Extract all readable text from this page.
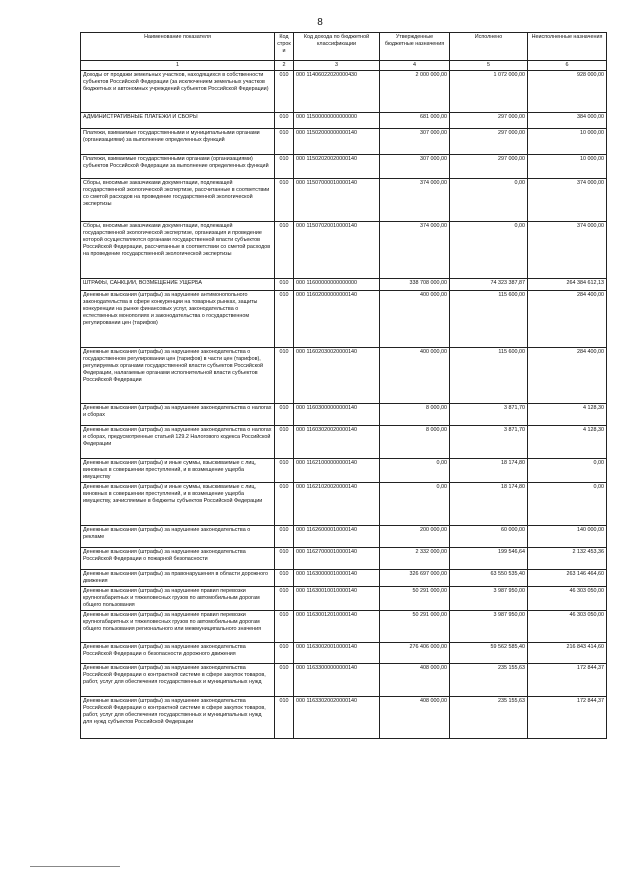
8
Наименование показателя	Код строк и	Код дохода по бюджетной классификации	Утвержденные бюджетные назначения	Исполнено	Неисполненные назначения
1	2	3	4	5	6
Доходы от продажи земельных участков, находящихся в собственности субъектов Российской Федерации (за исключением земельных участков бюджетных и автономных учреждений субъектов Российской Федерации)	010	000 11406022020000430	2 000 000,00	1 072 000,00	928 000,00
АДМИНИСТРАТИВНЫЕ ПЛАТЕЖИ И СБОРЫ	010	000 11500000000000000	681 000,00	297 000,00	384 000,00
Платежи, взимаемые государственными и муниципальными органами (организациями) за выполнение определенных функций	010	000 11502000000000140	307 000,00	297 000,00	10 000,00
Платежи, взимаемые государственными органами (организациями) субъектов Российской Федерации за выполнение определенных функций	010	000 11502020020000140	307 000,00	297 000,00	10 000,00
Сборы, вносимые заказчиками документации, подлежащей государственной экологической экспертизе, рассчитанные в соответствии со сметой расходов на проведение государственной экологической экспертизы	010	000 11507000010000140	374 000,00	0,00	374 000,00
Сборы, вносимые заказчиками документации, подлежащей государственной экологической экспертизе, организация и проведение которой осуществляются органами государственной власти субъектов Российской Федерации, рассчитанные в соответствии со сметой расходов на проведение государственной экологической экспертизы	010	000 11507020010000140	374 000,00	0,00	374 000,00
ШТРАФЫ, САНКЦИИ, ВОЗМЕЩЕНИЕ УЩЕРБА	010	000 11600000000000000	338 708 000,00	74 323 387,87	264 384 612,13
Денежные взыскания (штрафы) за нарушение антимонопольного законодательства в сфере конкуренции на товарных рынках, защиты конкуренции на рынке финансовых услуг, законодательства о естественных монополиях и законодательства о государственном регулировании цен (тарифов)	010	000 11602000000000140	400 000,00	115 600,00	284 400,00
Денежные взыскания (штрафы) за нарушение законодательства о государственном регулировании цен (тарифов) в части цен (тарифов), регулируемых органами государственной власти субъектов Российской Федерации, налагаемые органами исполнительной власти субъектов Российской Федерации	010	000 11602030020000140	400 000,00	115 600,00	284 400,00
Денежные взыскания (штрафы) за нарушение законодательства о налогах и сборах	010	000 11603000000000140	8 000,00	3 871,70	4 128,30
Денежные взыскания (штрафы) за нарушение законодательства о налогах и сборах, предусмотренные статьей 129.2 Налогового кодекса Российской Федерации	010	000 11603020020000140	8 000,00	3 871,70	4 128,30
Денежные взыскания (штрафы) и иные суммы, взыскиваемые с лиц, виновных в совершении преступлений, и в возмещение ущерба имуществу	010	000 11621000000000140	0,00	18 174,80	0,00
Денежные взыскания (штрафы) и иные суммы, взыскиваемые с лиц, виновных в совершении преступлений, и в возмещение ущерба имуществу, зачисляемые в бюджеты субъектов Российской Федерации	010	000 11621020020000140	0,00	18 174,80	0,00
Денежные взыскания (штрафы) за нарушение законодательства о рекламе	010	000 11626000010000140	200 000,00	60 000,00	140 000,00
Денежные взыскания (штрафы) за нарушение законодательства Российской Федерации о пожарной безопасности	010	000 11627000010000140	2 332 000,00	199 546,64	2 132 453,36
Денежные взыскания (штрафы) за правонарушения в области дорожного движения	010	000 11630000010000140	326 697 000,00	63 550 535,40	263 146 464,60
Денежные взыскания (штрафы) за нарушение правил перевозки крупногабаритных и тяжеловесных грузов по автомобильным дорогам общего пользования	010	000 11630010010000140	50 291 000,00	3 987 950,00	46 303 050,00
Денежные взыскания (штрафы) за нарушение правил перевозки крупногабаритных и тяжеловесных грузов по автомобильным дорогам общего пользования регионального или межмуниципального значения	010	000 11630012010000140	50 291 000,00	3 987 950,00	46 303 050,00
Денежные взыскания (штрафы) за нарушение законодательства Российской Федерации о безопасности дорожного движения	010	000 11630020010000140	276 406 000,00	59 562 585,40	216 843 414,60
Денежные взыскания (штрафы) за нарушение законодательства Российской Федерации о контрактной системе в сфере закупок товаров, работ, услуг для обеспечения государственных и муниципальных нужд	010	000 11633000000000140	408 000,00	235 155,63	172 844,37
Денежные взыскания (штрафы) за нарушение законодательства Российской Федерации о контрактной системе в сфере закупок товаров, работ, услуг для обеспечения государственных и муниципальных нужд для нужд субъектов Российской Федерации	010	000 11633020020000140	408 000,00	235 155,63	172 844,37
